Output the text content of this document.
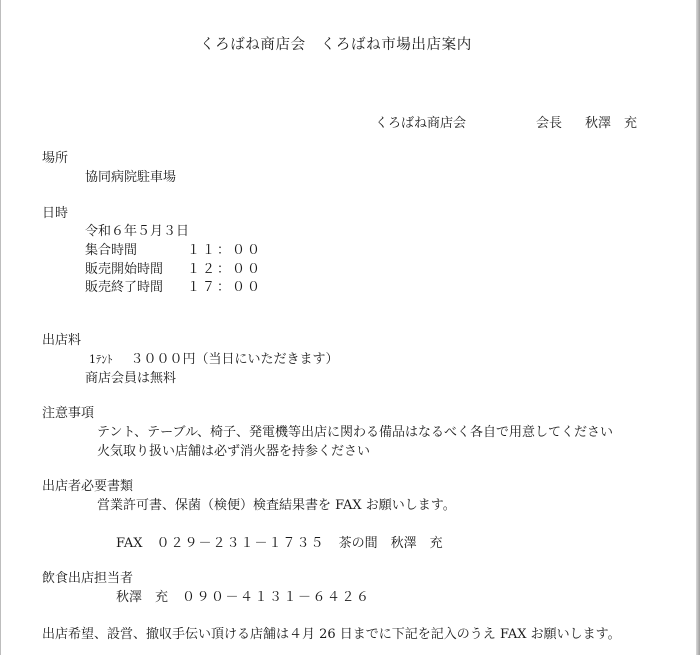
くろばね商店会　くろばね市場出店案内
くろばね商店会	会長 秋澤　充
場所
協同病院駐車場
日時
令和６年５月３日
集合時間	１１：００
販売開始時間 １２：００
販売終了時間 １７：００
出店料
1ﾃﾝﾄ ３０００円（当日にいただきます）
商店会員は無料
注意事項
テント、テーブル、椅子、発電機等出店に関わる備品はなるべく各自で用意してください
火気取り扱い店舗は必ず消火器を持参ください
出店者必要書類
営業許可書、保菌（検便）検査結果書を FAX お願いします。
FAX ０２９－２３１－１７３５ 茶の間　秋澤　充
飲食出店担当者
秋澤　充 ０９０－４１３１－６４２６
出店希望、設営、撤収手伝い頂ける店舗は４月 26 日までに下記を記入のうえ FAX お願いします。
